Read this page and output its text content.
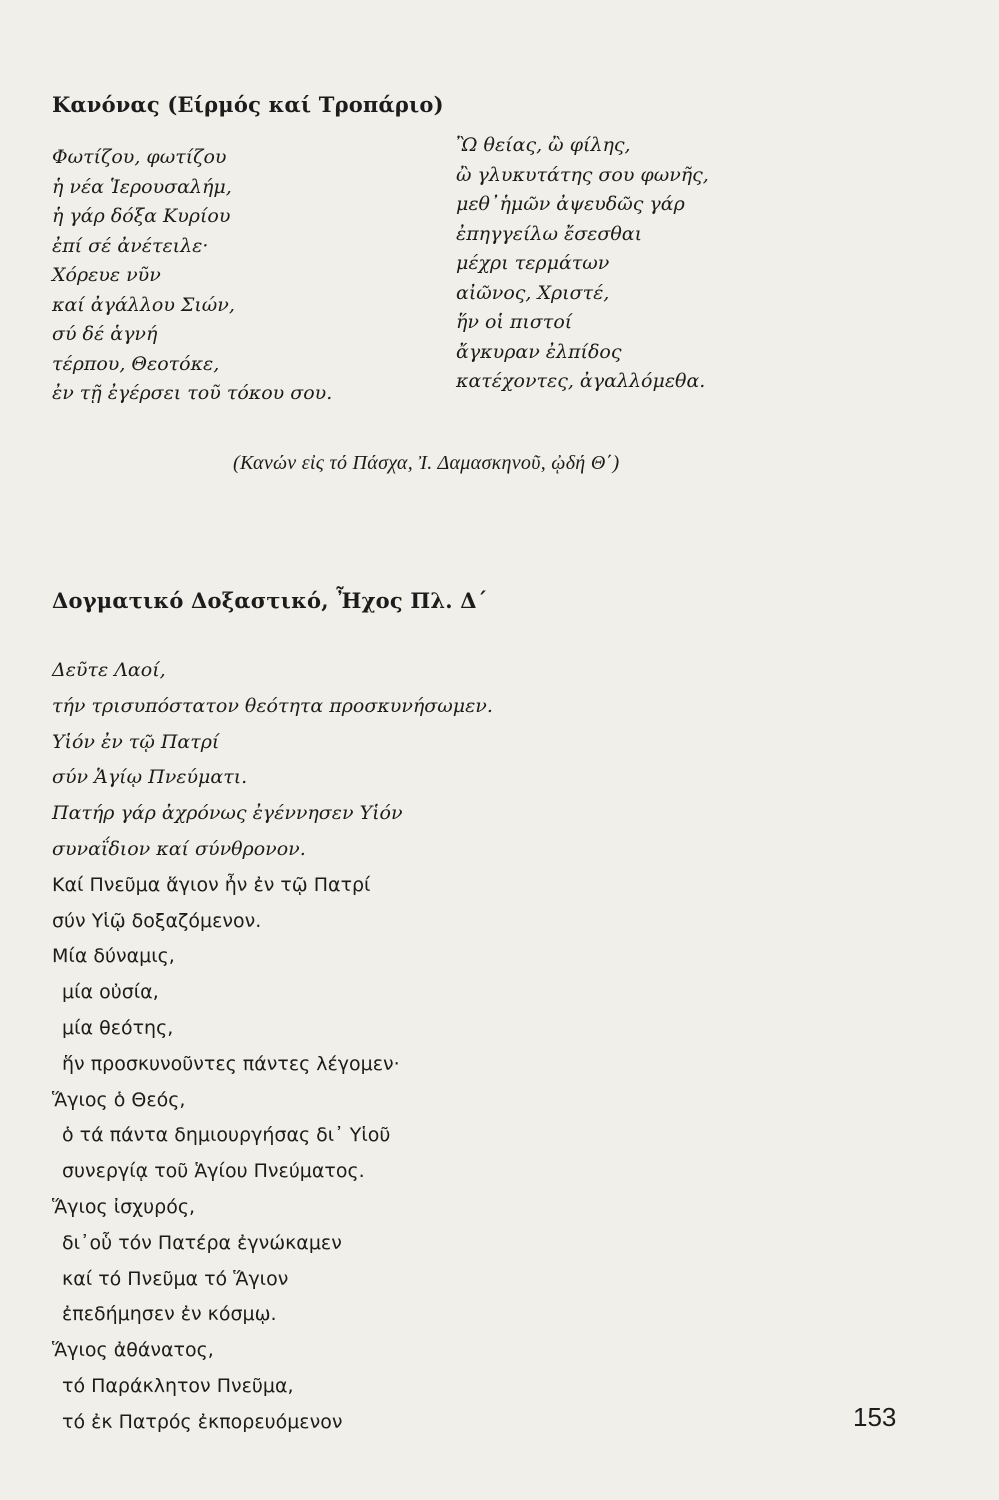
Κανόνας (Είρμός καί Τροπάριο)
Φωτίζου, φωτίζου
ἡ νέα Ἱερουσαλήμ,
ἡ γάρ δόξα Κυρίου
ἐπί σέ ἀνέτειλε·
Χόρευε νῦν
καί ἀγάλλου Σιών,
σύ δέ ἁγνή
τέρπου, Θεοτόκε,
ἐν τῇ ἐγέρσει τοῦ τόκου σου.
Ὢ θείας, ὢ φίλης,
ὢ γλυκυτάτης σου φωνῆς,
μεθ᾽ἡμῶν ἀψευδῶς γάρ
ἐπηγγείλω ἔσεσθαι
μέχρι τερμάτων
αἰῶνος, Χριστέ,
ἥν οἱ πιστοί
ἄγκυραν ἐλπίδος
κατέχοντες, ἀγαλλόμεθα.
(Κανών εἰς τό Πάσχα, Ἰ. Δαμασκηνοῦ, ᾠδή Θ΄)
Δογματικό Δοξαστικό, Ἦχος Πλ. Δ΄
Δεῦτε Λαοί,
τήν τρισυπόστατον θεότητα προσκυνήσωμεν.
Υἱόν ἐν τῷ Πατρί
σύν Ἁγίῳ Πνεύματι.
Πατήρ γάρ ἀχρόνως ἐγέννησεν Υἱόν
συναΐδιον καί σύνθρονον.
Καί Πνεῦμα ἅγιον ἦν ἐν τῷ Πατρί
σύν Υἱῷ δοξαζόμενον.
Μία δύναμις,
μία οὐσία,
μία θεότης,
ἥν προσκυνοῦντες πάντες λέγομεν·
Ἅγιος ὁ Θεός,
ὁ τά πάντα δημιουργήσας δι᾽ Υἱοῦ
συνεργίᾳ τοῦ Ἁγίου Πνεύματος.
Ἅγιος ἰσχυρός,
δι᾽οὗ τόν Πατέρα ἐγνώκαμεν
καί τό Πνεῦμα τό Ἅγιον
ἐπεδήμησεν ἐν κόσμῳ.
Ἅγιος ἀθάνατος,
τό Παράκλητον Πνεῦμα,
τό ἐκ Πατρός ἐκπορευόμενον	153
